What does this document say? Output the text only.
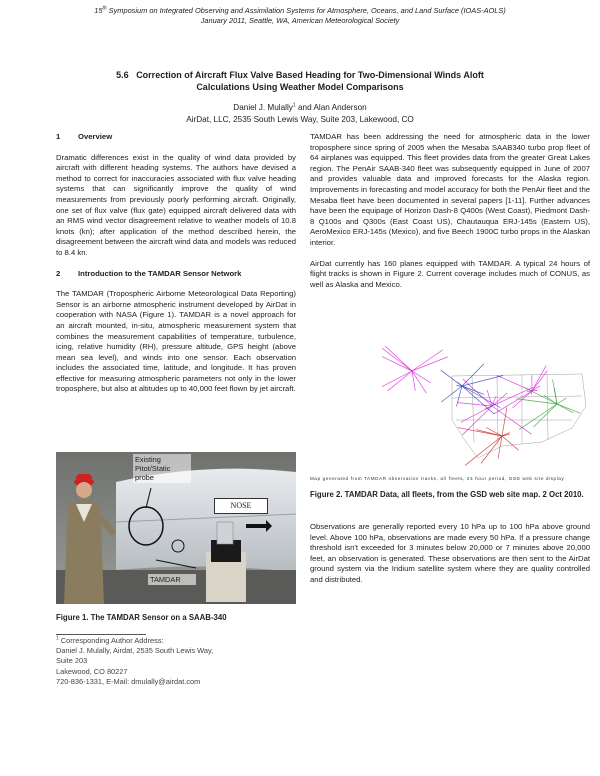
15th Symposium on Integrated Observing and Assimilation Systems for Atmosphere, Oceans, and Land Surface (IOAS-AOLS)
January 2011, Seattle, WA, American Meteorological Society
5.6 Correction of Aircraft Flux Valve Based Heading for Two-Dimensional Winds Aloft
Calculations Using Weather Model Comparisons
Daniel J. Mulally$^1$ and Alan Anderson
AirDat, LLC, 2535 South Lewis Way, Suite 203, Lakewood, CO
1 Overview

Dramatic differences exist in the quality of wind data provided by aircraft with different heading systems. The authors have devised a method to correct for inaccuracies associated with flux valve heading systems that can significantly improve the quality of wind measurements from previously poorly performing aircraft. Originally, one set of flux valve (flux gate) equipped aircraft delivered data with an RMS wind vector disagreement relative to weather models of 10.8 knots (kn); after application of the method described herein, the disagreement between the aircraft wind data and models was reduced to 8.4 kn.

2 Introduction to the TAMDAR Sensor Network

The TAMDAR (Tropospheric Airborne Meteorological Data Reporting) Sensor is an airborne atmospheric instrument developed by AirDat in cooperation with NASA (Figure 1). TAMDAR is a novel approach for an aircraft mounted, in-situ, atmospheric measurement system that combines the measurement capabilities of temperature, turbulence, icing, relative humidity (RH), pressure altitude, GPS height (above mean sea level), and winds into one sensor. Each observation includes the associated time, latitude, and longitude. It has proven effective for measuring atmospheric parameters not only in the lower troposphere, but also at altitudes up to 40,000 feet flown by jet aircraft.

Existing
Pitot/Static
probe
NOSE
TAMDAR
Figure 1. The TAMDAR Sensor on a SAAB-340
$^1$ Corresponding Author Address:
Daniel J. Mulally, Airdat, 2535 South Lewis Way,
Suite 203
Lakewood, CO 80227
720-836-1331, E-Mail: dmulally@airdat.com

TAMDAR has been addressing the need for atmospheric data in the lower troposphere since spring of 2005 when the Mesaba SAAB340 turbo prop fleet of 64 airplanes was equipped. This fleet provides data from the greater Great Lakes region. The PenAir SAAB-340 fleet was subsequently equipped in June of 2007 and provides valuable data and improved forecasts for the Alaska region. Improvements in forecasting and model accuracy for both the PenAir fleet and the Mesaba fleet have been documented in several papers [1-11]. Further advances have been the equipage of Horizon Dash-8 Q400s (West Coast), Piedmont Dash-8 Q100s and Q300s (East Coast US), Chautauqua ERJ-145s (Eastern US), AeroMexico ERJ-145s (Mexico), and five Beech 1900C turbo props in the Alaskan interior.

AirDat currently has 160 planes equipped with TAMDAR. A typical 24 hours of flight tracks is shown in Figure 2. Current coverage includes much of CONUS, as well as Alaska and Mexico.

Map generated from TAMDAR observation tracks, all fleets, 24 hour period, GSD web site display
Figure 2. TAMDAR Data, all fleets, from the GSD web site map. 2 Oct 2010.

Observations are generally reported every 10 hPa up to 100 hPa above ground level. Above 100 hPa, observations are made every 50 hPa. If a pressure change threshold isn't exceeded for 3 minutes below 20,000 or 7 minutes above 20,000 feet, an observation is generated. These observations are then sent to the AirDat ground system via the Iridium satellite system where they are quality controlled and distributed.
